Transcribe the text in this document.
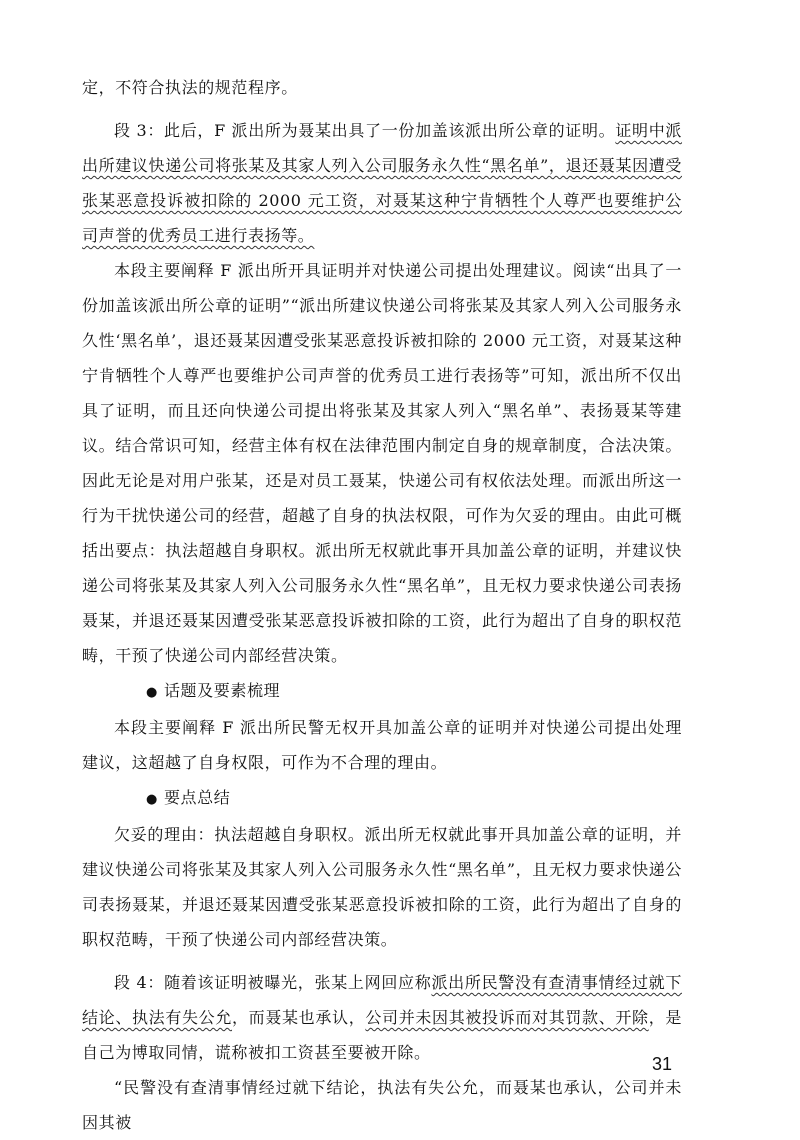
定，不符合执法的规范程序。

段 3：此后，F 派出所为聂某出具了一份加盖该派出所公章的证明。证明中派出所建议快递公司将张某及其家人列入公司服务永久性“黑名单”，退还聂某因遭受张某恶意投诉被扣除的 2000 元工资，对聂某这种宁肯牺牲个人尊严也要维护公司声誉的优秀员工进行表扬等。

本段主要阐释 F 派出所开具证明并对快递公司提出处理建议。阅读“出具了一份加盖该派出所公章的证明”“派出所建议快递公司将张某及其家人列入公司服务永久性‘黑名单’，退还聂某因遭受张某恶意投诉被扣除的 2000 元工资，对聂某这种宁肯牺牲个人尊严也要维护公司声誉的优秀员工进行表扬等”可知，派出所不仅出具了证明，而且还向快递公司提出将张某及其家人列入“黑名单”、表扬聂某等建议。结合常识可知，经营主体有权在法律范围内制定自身的规章制度，合法决策。因此无论是对用户张某，还是对员工聂某，快递公司有权依法处理。而派出所这一行为干扰快递公司的经营，超越了自身的执法权限，可作为欠妥的理由。由此可概括出要点：执法超越自身职权。派出所无权就此事开具加盖公章的证明，并建议快递公司将张某及其家人列入公司服务永久性“黑名单”，且无权力要求快递公司表扬聂某，并退还聂某因遭受张某恶意投诉被扣除的工资，此行为超出了自身的职权范畴，干预了快递公司内部经营决策。

● 话题及要素梳理

本段主要阐释 F 派出所民警无权开具加盖公章的证明并对快递公司提出处理建议，这超越了自身权限，可作为不合理的理由。

● 要点总结

欠妥的理由：执法超越自身职权。派出所无权就此事开具加盖公章的证明，并建议快递公司将张某及其家人列入公司服务永久性“黑名单”，且无权力要求快递公司表扬聂某，并退还聂某因遭受张某恶意投诉被扣除的工资，此行为超出了自身的职权范畴，干预了快递公司内部经营决策。

段 4：随着该证明被曝光，张某上网回应称派出所民警没有查清事情经过就下结论、执法有失公允，而聂某也承认，公司并未因其被投诉而对其罚款、开除，是自己为博取同情，谎称被扣工资甚至要被开除。

“民警没有查清事情经过就下结论，执法有失公允，而聂某也承认，公司并未因其被

31
